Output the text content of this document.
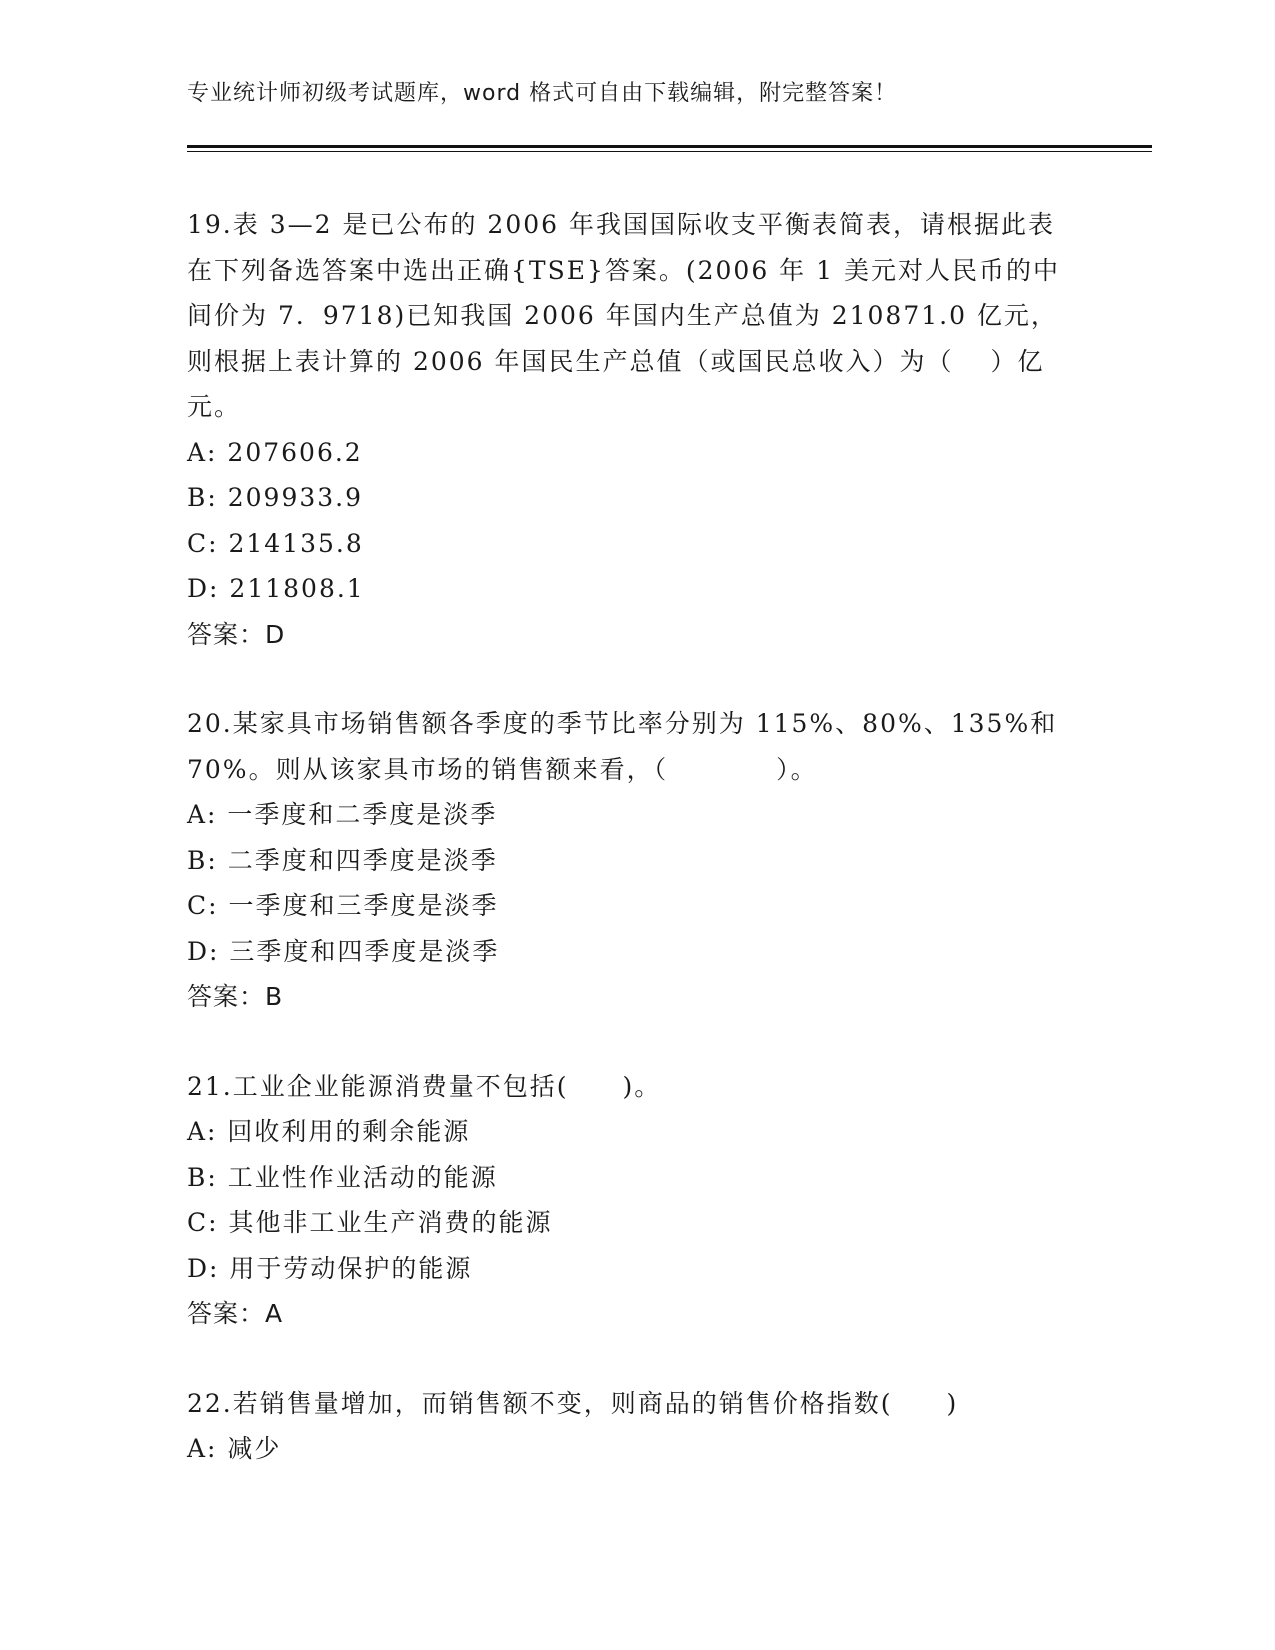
专业统计师初级考试题库，word 格式可自由下载编辑，附完整答案！

19.表 3—2 是已公布的 2006 年我国国际收支平衡表简表，请根据此表在下列备选答案中选出正确{TSE}答案。(2006 年 1 美元对人民币的中间价为 7．9718)已知我国 2006 年国内生产总值为 210871.0 亿元，则根据上表计算的 2006 年国民生产总值（或国民总收入）为（　 ）亿元。

A: 207606.2
B: 209933.9
C: 214135.8
D: 211808.1
答案：D

20.某家具市场销售额各季度的季节比率分别为 115%、80%、135%和 70%。则从该家具市场的销售额来看，（　　　　）。

A: 一季度和二季度是淡季
B: 二季度和四季度是淡季
C: 一季度和三季度是淡季
D: 三季度和四季度是淡季
答案：B

21.工业企业能源消费量不包括(　　)。

A: 回收利用的剩余能源
B: 工业性作业活动的能源
C: 其他非工业生产消费的能源
D: 用于劳动保护的能源
答案：A

22.若销售量增加，而销售额不变，则商品的销售价格指数(　　)

A: 减少
